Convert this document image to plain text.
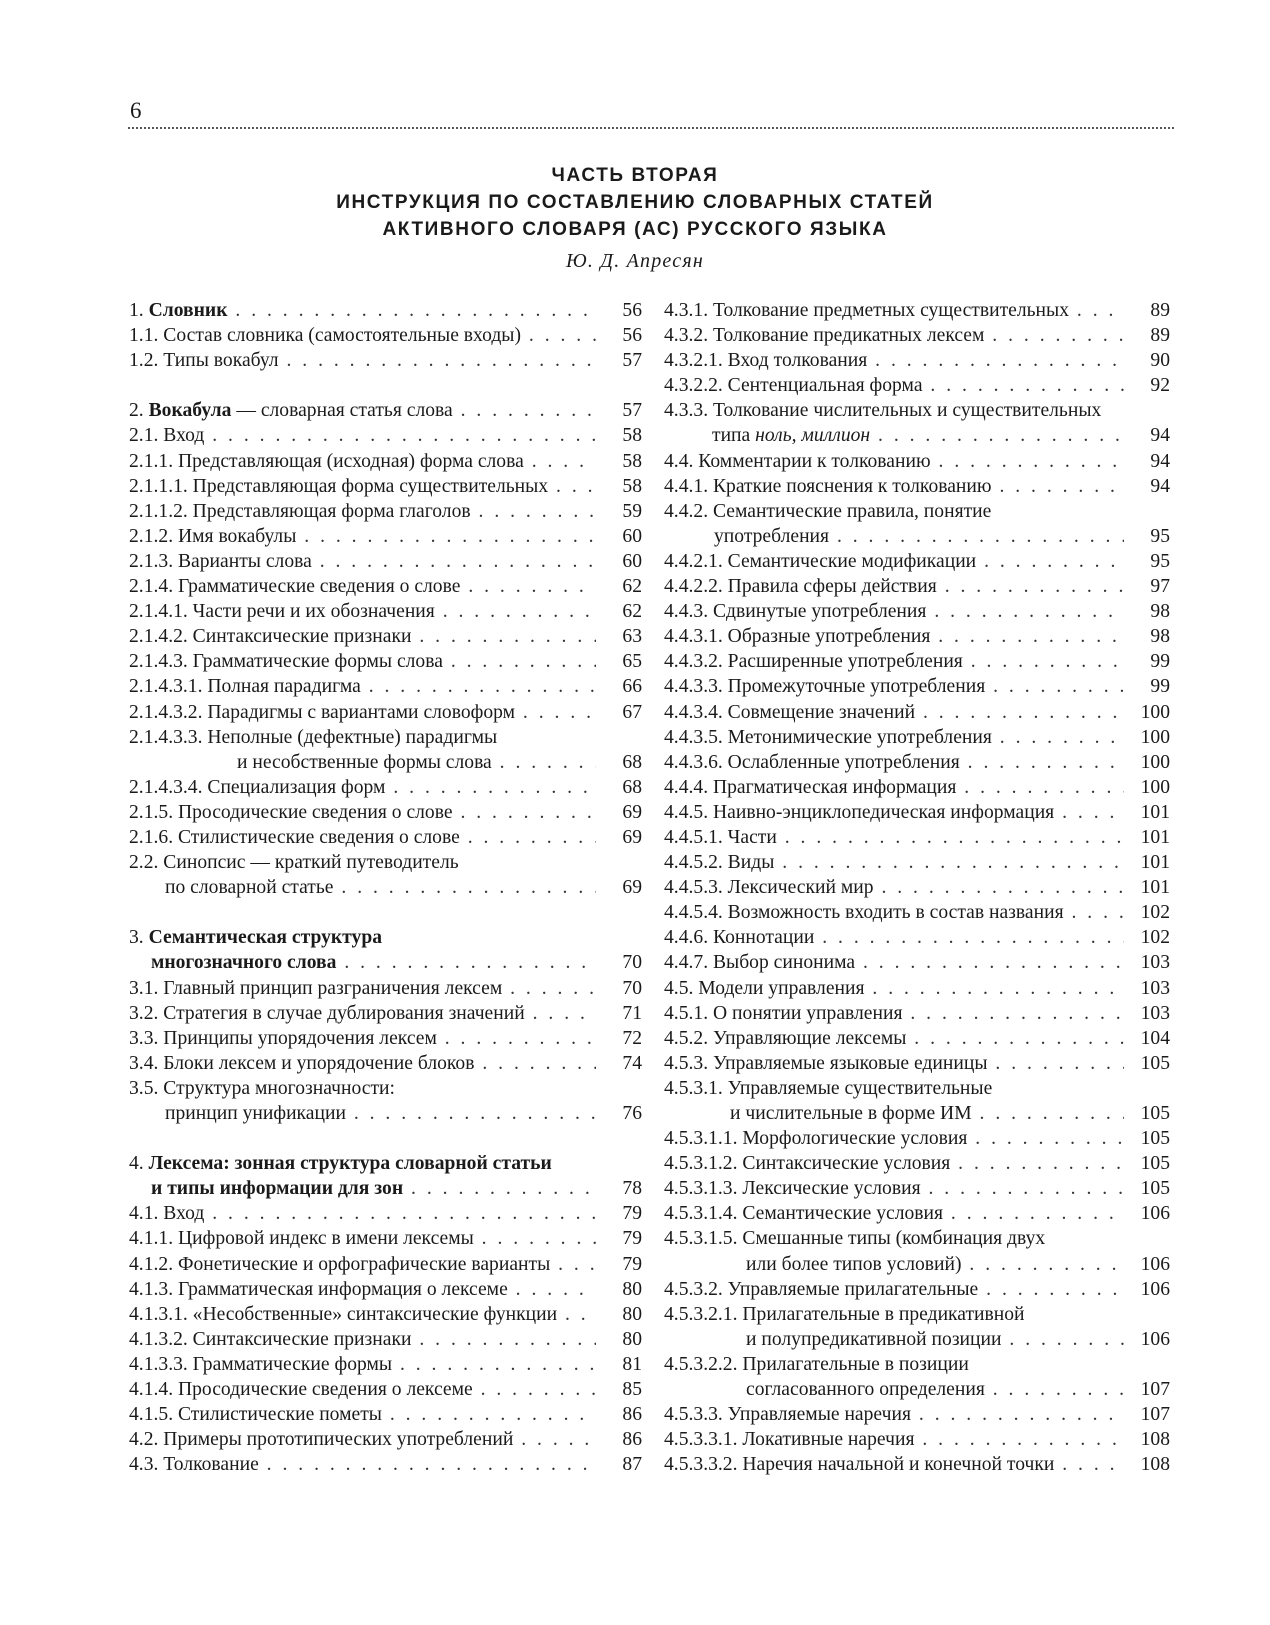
6
ЧАСТЬ ВТОРАЯ
ИНСТРУКЦИЯ ПО СОСТАВЛЕНИЮ СЛОВАРНЫХ СТАТЕЙ
АКТИВНОГО СЛОВАРЯ (АС) РУССКОГО ЯЗЫКА
Ю. Д. Апресян
1. Словник . . .	56
1.1. Состав словника (самостоятельные входы) . . .	56
1.2. Типы вокабул . . .	57
2. Вокабула — словарная статья слова . . .	57
2.1. Вход . . .	58
2.1.1. Представляющая (исходная) форма слова . . .	58
2.1.1.1. Представляющая форма существительных . . .	58
2.1.1.2. Представляющая форма глаголов . . .	59
2.1.2. Имя вокабулы . . .	60
2.1.3. Варианты слова . . .	60
2.1.4. Грамматические сведения о слове . . .	62
2.1.4.1. Части речи и их обозначения . . .	62
2.1.4.2. Синтаксические признаки . . .	63
2.1.4.3. Грамматические формы слова . . .	65
2.1.4.3.1. Полная парадигма . . .	66
2.1.4.3.2. Парадигмы с вариантами словоформ . . .	67
2.1.4.3.3. Неполные (дефектные) парадигмы
и несобственные формы слова . . .	68
2.1.4.3.4. Специализация форм . . .	68
2.1.5. Просодические сведения о слове . . .	69
2.1.6. Стилистические сведения о слове . . .	69
2.2. Синопсис — краткий путеводитель
по словарной статье . . .	69
3. Семантическая структура
многозначного слова . . .	70
3.1. Главный принцип разграничения лексем . . .	70
3.2. Стратегия в случае дублирования значений . . .	71
3.3. Принципы упорядочения лексем . . .	72
3.4. Блоки лексем и упорядочение блоков . . .	74
3.5. Структура многозначности:
принцип унификации . . .	76
4. Лексема: зонная структура словарной статьи
и типы информации для зон . . .	78
4.1. Вход . . .	79
4.1.1. Цифровой индекс в имени лексемы . . .	79
4.1.2. Фонетические и орфографические варианты . . .	79
4.1.3. Грамматическая информация о лексеме . . .	80
4.1.3.1. «Несобственные» синтаксические функции . . .	80
4.1.3.2. Синтаксические признаки . . .	80
4.1.3.3. Грамматические формы . . .	81
4.1.4. Просодические сведения о лексеме . . .	85
4.1.5. Стилистические пометы . . .	86
4.2. Примеры прототипических употреблений . . .	86
4.3. Толкование . . .	87
4.3.1. Толкование предметных существительных . . .	89
4.3.2. Толкование предикатных лексем . . .	89
4.3.2.1. Вход толкования . . .	90
4.3.2.2. Сентенциальная форма . . .	92
4.3.3. Толкование числительных и существительных
типа ноль, миллион . . .	94
4.4. Комментарии к толкованию . . .	94
4.4.1. Краткие пояснения к толкованию . . .	94
4.4.2. Семантические правила, понятие
употребления . . .	95
4.4.2.1. Семантические модификации . . .	95
4.4.2.2. Правила сферы действия . . .	97
4.4.3. Сдвинутые употребления . . .	98
4.4.3.1. Образные употребления . . .	98
4.4.3.2. Расширенные употребления . . .	99
4.4.3.3. Промежуточные употребления . . .	99
4.4.3.4. Совмещение значений . . .	100
4.4.3.5. Метонимические употребления . . .	100
4.4.3.6. Ослабленные употребления . . .	100
4.4.4. Прагматическая информация . . .	100
4.4.5. Наивно-энциклопедическая информация . . .	101
4.4.5.1. Части . . .	101
4.4.5.2. Виды . . .	101
4.4.5.3. Лексический мир . . .	101
4.4.5.4. Возможность входить в состав названия . . .	102
4.4.6. Коннотации . . .	102
4.4.7. Выбор синонима . . .	103
4.5. Модели управления . . .	103
4.5.1. О понятии управления . . .	103
4.5.2. Управляющие лексемы . . .	104
4.5.3. Управляемые языковые единицы . . .	105
4.5.3.1. Управляемые существительные
и числительные в форме ИМ . . .	105
4.5.3.1.1. Морфологические условия . . .	105
4.5.3.1.2. Синтаксические условия . . .	105
4.5.3.1.3. Лексические условия . . .	105
4.5.3.1.4. Семантические условия . . .	106
4.5.3.1.5. Смешанные типы (комбинация двух
или более типов условий) . . .	106
4.5.3.2. Управляемые прилагательные . . .	106
4.5.3.2.1. Прилагательные в предикативной
и полупредикативной позиции . . .	106
4.5.3.2.2. Прилагательные в позиции
согласованного определения . . .	107
4.5.3.3. Управляемые наречия . . .	107
4.5.3.3.1. Локативные наречия . . .	108
4.5.3.3.2. Наречия начальной и конечной точки . . .	108
